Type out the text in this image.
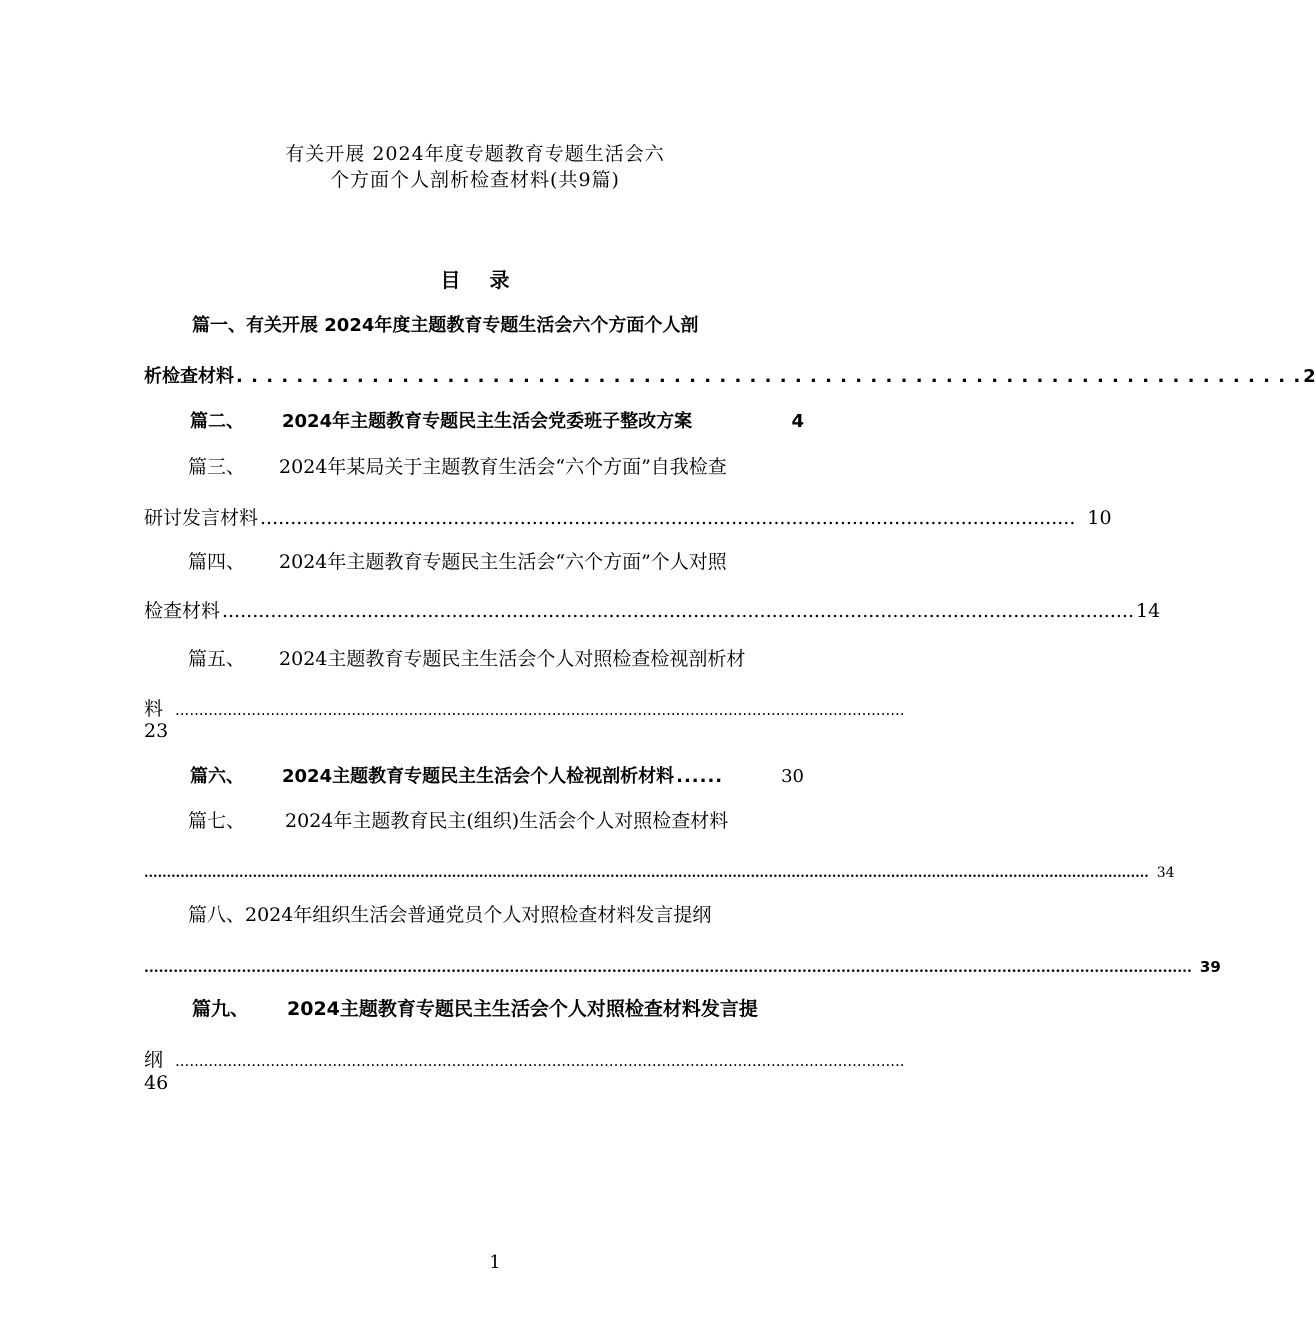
有关开展 2024年度专题教育专题生活会六
个方面个人剖析检查材料(共9篇)
目 录
篇一、有关开展 2024年度主题教育专题生活会六个方面个人剖
析检查材料 . . . . . . . . . . . . . . . . . . . . . . . . . . . . . . . . . . . . . . . . . . . . . . . . . . . . . . . . . . . . . . . . . . . . . . . 2
篇二、 2024年主题教育专题民主生活会党委班子整改方案	4
篇三、 2024年某局关于主题教育生活会“六个方面”自我检查
研讨发言材料 ....................................................................................................................................... 10
篇四、 2024年主题教育专题民主生活会“六个方面”个人对照
检查材料 ....................................................................................................................................................... 14
篇五、 2024主题教育专题民主生活会个人对照检查检视剖析材
料 .........................................................................................................................................................
23
篇六、 2024主题教育专题民主生活会个人检视剖析材料 ......	30
篇七、 2024年主题教育民主(组织)生活会个人对照检查材料
.............................................................................................................................................................................................................................. 34
篇八、2024年组织生活会普通党员个人对照检查材料发言提纲
....................................................................................................................................................................................................................... 39
篇九、 2024主题教育专题民主生活会个人对照检查材料发言提
纲 .........................................................................................................................................................
46
1
